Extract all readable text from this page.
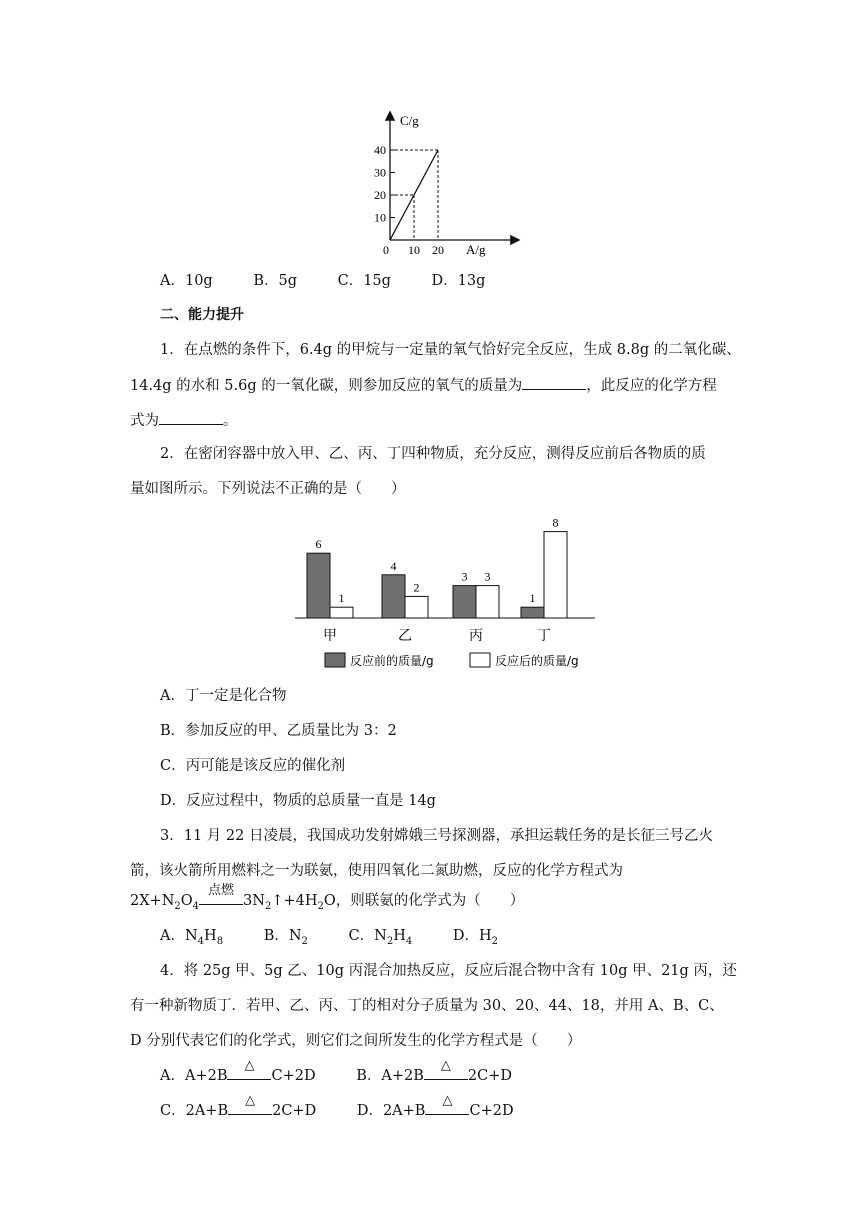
C/g
A/g
40
30
20
10
0 10 20
A．10g	B．5g	C．15g	D．13g
二、能力提升
1．在点燃的条件下，6.4g 的甲烷与一定量的氧气恰好完全反应，生成 8.8g 的二氧化碳、
14.4g 的水和 5.6g 的一氧化碳，则参加反应的氧气的质量为	，此反应的化学方程
式为	。
2．在密闭容器中放入甲、乙、丙、丁四种物质，充分反应，测得反应前后各物质的质
量如图所示。下列说法不正确的是（　　）
6
1
4
2
3 3
1
8
甲	乙	丙	丁
反应前的质量/g	反应后的质量/g
A．丁一定是化合物
B．参加反应的甲、乙质量比为 3：2
C．丙可能是该反应的催化剂
D．反应过程中，物质的总质量一直是 14g
3．11 月 22 日凌晨，我国成功发射嫦娥三号探测器，承担运载任务的是长征三号乙火
箭，该火箭所用燃料之一为联氨，使用四氧化二氮助燃，反应的化学方程式为
$2X+N_2O_4$
点燃
$3N_2↑+4H_2O$，则联氨的化学式为（　　）
A．$N_4H_8$	B．$N_2$	C．$N_2H_4$	D．$H_2$
4．将 25g 甲、5g 乙、10g 丙混合加热反应，反应后混合物中含有 10g 甲、21g 丙，还
有一种新物质丁．若甲、乙、丙、丁的相对分子质量为 30、20、44、18，并用 A、B、C、
D 分别代表它们的化学式，则它们之间所发生的化学方程式是（　　）
A．A+2B
△
C+2D	B．A+2B
△
2C+D
C．2A+B
△
2C+D	D．2A+B
△
C+2D
